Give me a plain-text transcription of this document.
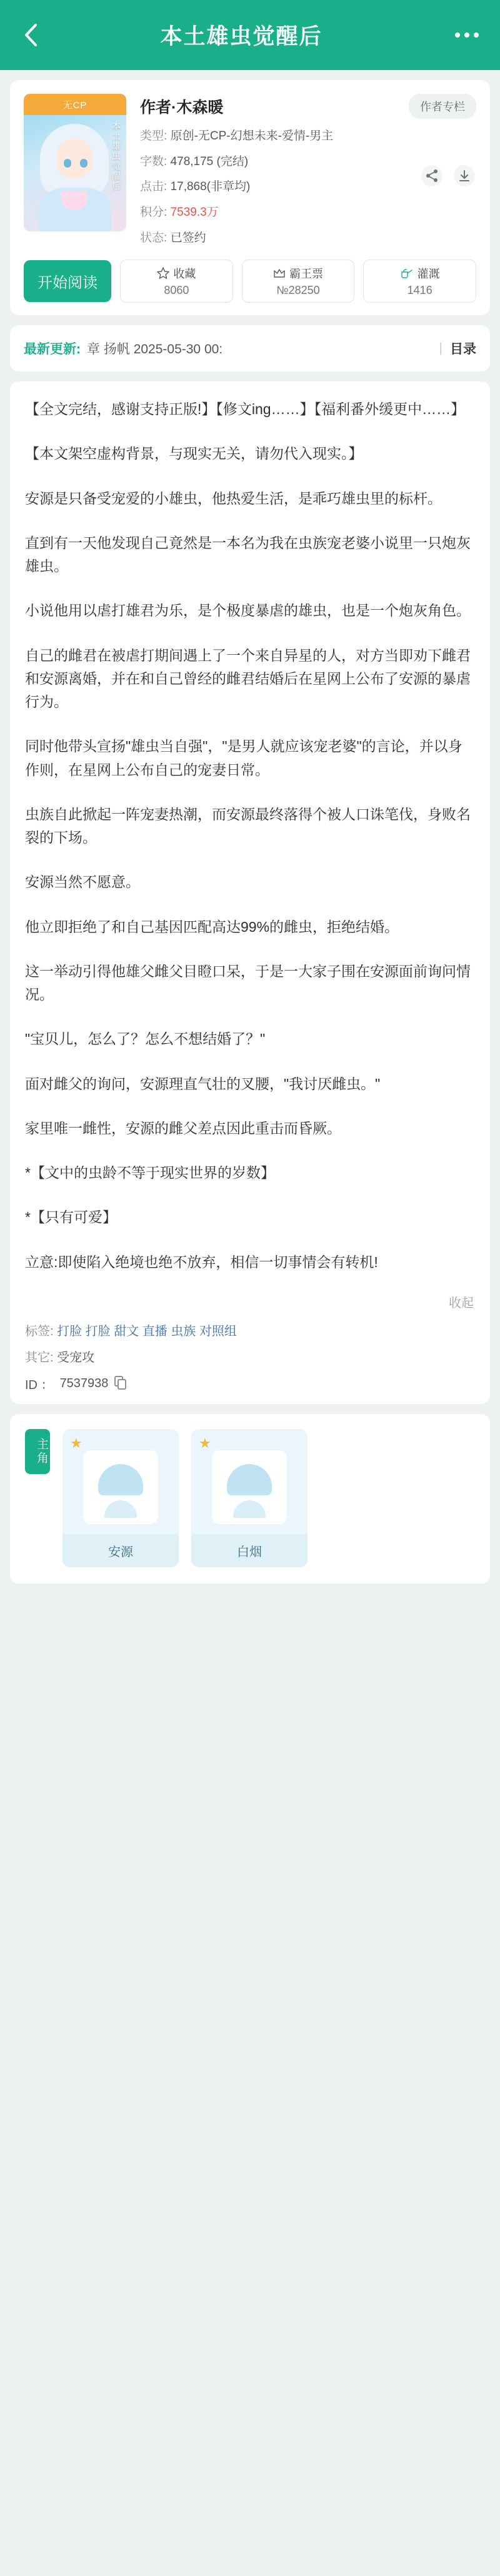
本土雄虫觉醒后
无CP
本土雄虫觉醒后
作者·木森暖	作者专栏
类型: 原创-无CP-幻想未来-爱情-男主
字数: 478,175 (完结)
点击: 17,868(非章均)
积分: 7539.3万
状态: 已签约
开始阅读
收藏
8060
霸王票
№28250
灌溉
1416
最新更新: 章 扬帆 2025-05-30 00:	| 目录

【全文完结，感谢支持正版!】【修文ing……】【福利番外缓更中……】

【本文架空虚构背景，与现实无关，请勿代入现实。】

安源是只备受宠爱的小雄虫，他热爱生活，是乖巧雄虫里的标杆。

直到有一天他发现自己竟然是一本名为我在虫族宠老婆小说里一只炮灰雄虫。

小说他用以虐打雄君为乐，是个极度暴虐的雄虫，也是一个炮灰角色。

自己的雌君在被虐打期间遇上了一个来自异星的人，对方当即劝下雌君和安源离婚，并在和自己曾经的雌君结婚后在星网上公布了安源的暴虐行为。

同时他带头宣扬"雄虫当自强"，"是男人就应该宠老婆"的言论，并以身作则，在星网上公布自己的宠妻日常。

虫族自此掀起一阵宠妻热潮，而安源最终落得个被人口诛笔伐，身败名裂的下场。

安源当然不愿意。

他立即拒绝了和自己基因匹配高达99%的雌虫，拒绝结婚。

这一举动引得他雄父雌父目瞪口呆，于是一大家子围在安源面前询问情况。

"宝贝儿，怎么了？怎么不想结婚了？"

面对雌父的询问，安源理直气壮的叉腰，"我讨厌雌虫。"

家里唯一雌性，安源的雌父差点因此重击而昏厥。

*【文中的虫龄不等于现实世界的岁数】

*【只有可爱】

立意:即使陷入绝境也绝不放弃，相信一切事情会有转机!

收起
标签: 打脸 打脸 甜文 直播 虫族 对照组
其它: 受宠攻
ID ： 7537938
主角 ★
安源
★
白烟
